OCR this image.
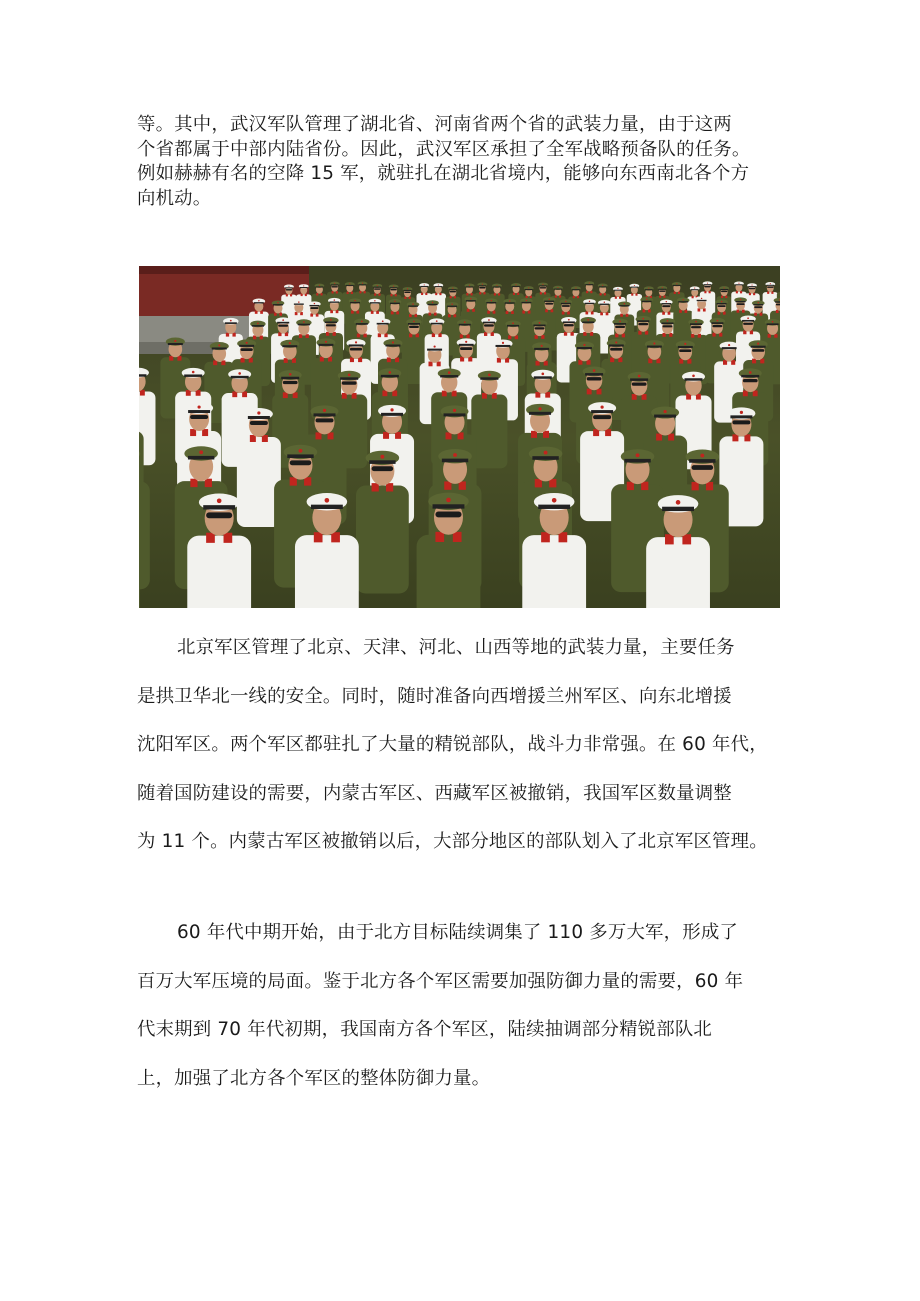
等。其中，武汉军队管理了湖北省、河南省两个省的武装力量，由于这两
个省都属于中部内陆省份。因此，武汉军区承担了全军战略预备队的任务。
例如赫赫有名的空降 15 军，就驻扎在湖北省境内，能够向东西南北各个方
向机动。
北京军区管理了北京、天津、河北、山西等地的武装力量，主要任务
是拱卫华北一线的安全。同时，随时准备向西增援兰州军区、向东北增援
沈阳军区。两个军区都驻扎了大量的精锐部队，战斗力非常强。在 60 年代，
随着国防建设的需要，内蒙古军区、西藏军区被撤销，我国军区数量调整
为 11 个。内蒙古军区被撤销以后，大部分地区的部队划入了北京军区管理。
60 年代中期开始，由于北方目标陆续调集了 110 多万大军，形成了
百万大军压境的局面。鉴于北方各个军区需要加强防御力量的需要，60 年
代末期到 70 年代初期，我国南方各个军区，陆续抽调部分精锐部队北
上，加强了北方各个军区的整体防御力量。
